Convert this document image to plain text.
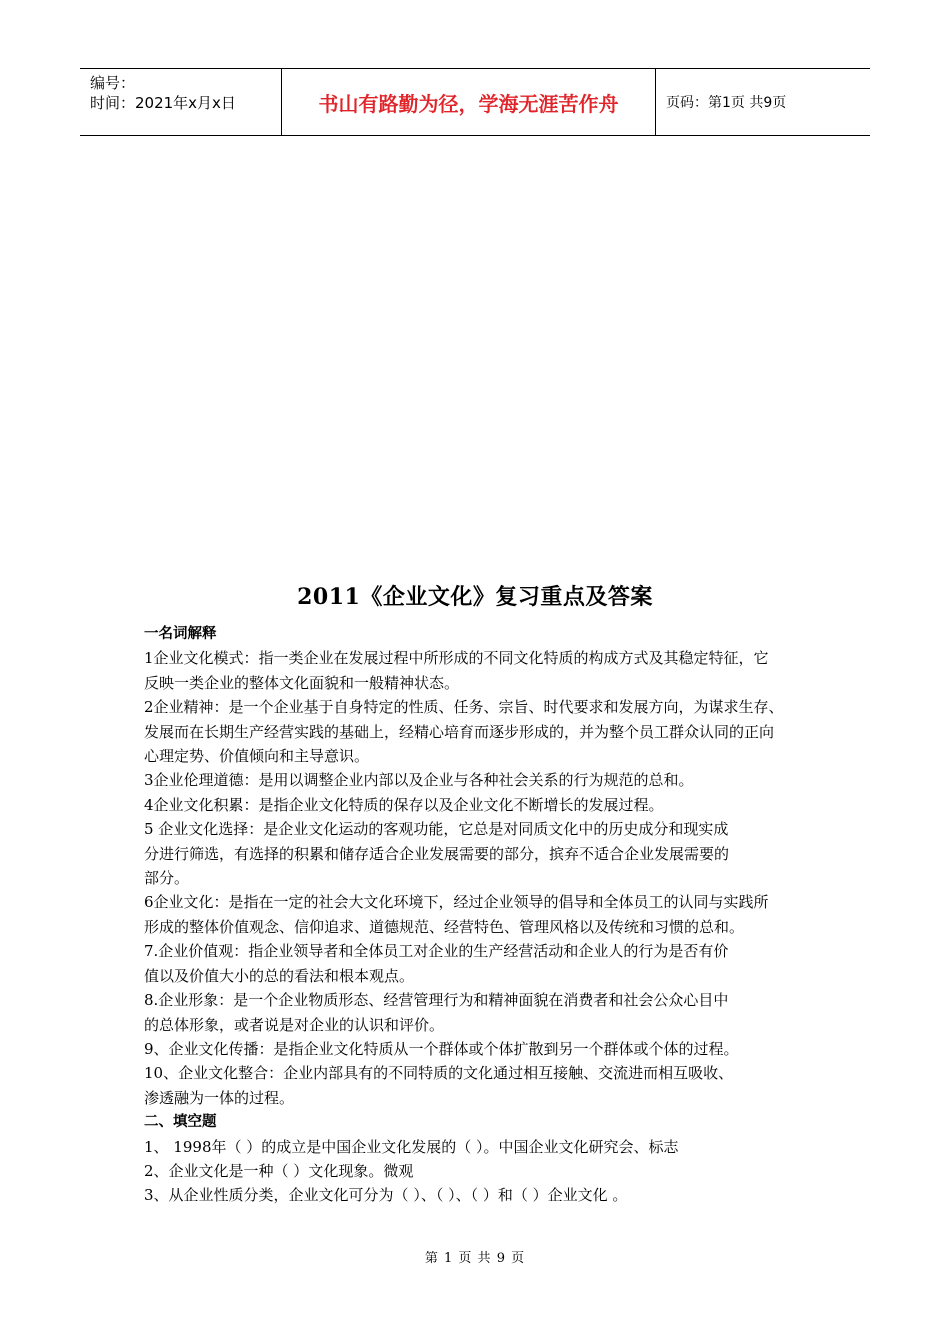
编号：
时间：2021年x月x日	书山有路勤为径，学海无涯苦作舟	页码：第1页 共9页
2011《企业文化》复习重点及答案
一名词解释
1企业文化模式：指一类企业在发展过程中所形成的不同文化特质的构成方式及其稳定特征，它
反映一类企业的整体文化面貌和一般精神状态。
2企业精神：是一个企业基于自身特定的性质、任务、宗旨、时代要求和发展方向，为谋求生存、
发展而在长期生产经营实践的基础上，经精心培育而逐步形成的，并为整个员工群众认同的正向
心理定势、价值倾向和主导意识。
3企业伦理道德：是用以调整企业内部以及企业与各种社会关系的行为规范的总和。
4企业文化积累：是指企业文化特质的保存以及企业文化不断增长的发展过程。
5 企业文化选择：是企业文化运动的客观功能，它总是对同质文化中的历史成分和现实成
分进行筛选，有选择的积累和储存适合企业发展需要的部分，摈弃不适合企业发展需要的
部分。
6企业文化：是指在一定的社会大文化环境下，经过企业领导的倡导和全体员工的认同与实践所
形成的整体价值观念、信仰追求、道德规范、经营特色、管理风格以及传统和习惯的总和。
7.企业价值观：指企业领导者和全体员工对企业的生产经营活动和企业人的行为是否有价
值以及价值大小的总的看法和根本观点。
8.企业形象：是一个企业物质形态、经营管理行为和精神面貌在消费者和社会公众心目中
的总体形象，或者说是对企业的认识和评价。
9、企业文化传播：是指企业文化特质从一个群体或个体扩散到另一个群体或个体的过程。
10、企业文化整合：企业内部具有的不同特质的文化通过相互接触、交流进而相互吸收、
渗透融为一体的过程。
二、填空题
1、 1998年（ ）的成立是中国企业文化发展的（ ）。中国企业文化研究会、标志
2、企业文化是一种（ ）文化现象。微观
3、从企业性质分类，企业文化可分为（ ）、（ ）、（ ）和（ ）企业文化 。
第 1 页 共 9 页
